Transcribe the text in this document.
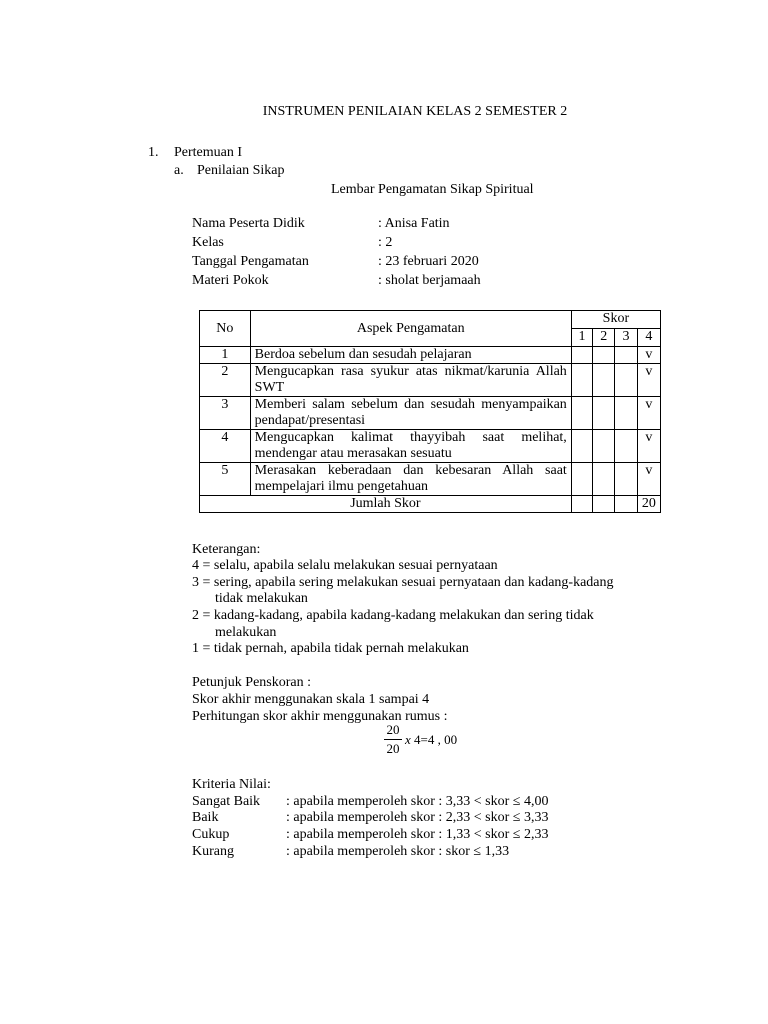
INSTRUMEN PENILAIAN KELAS 2 SEMESTER 2
1. Pertemuan I
a. Penilaian Sikap
Lembar Pengamatan Sikap Spiritual
Nama Peserta Didik	: Anisa Fatin
Kelas	: 2
Tanggal Pengamatan	: 23 februari 2020
Materi Pokok	: sholat berjamaah
No	Aspek Pengamatan	Skor			
		1	2	3	4
1	Berdoa sebelum dan sesudah pelajaran				v
2	Mengucapkan rasa syukur atas nikmat/karunia Allah SWT				v
3	Memberi salam sebelum dan sesudah menyampaikan pendapat/presentasi				v
4	Mengucapkan kalimat thayyibah saat melihat, mendengar atau merasakan sesuatu				v
5	Merasakan keberadaan dan kebesaran Allah saat mempelajari ilmu pengetahuan				v
Jumlah Skor					20
Keterangan:
4 = selalu, apabila selalu melakukan sesuai pernyataan
3 = sering, apabila sering melakukan sesuai pernyataan dan kadang-kadang
tidak melakukan
2 = kadang-kadang, apabila kadang-kadang melakukan dan sering tidak
melakukan
1 = tidak pernah, apabila tidak pernah melakukan
Petunjuk Penskoran :
Skor akhir menggunakan skala 1 sampai 4
Perhitungan skor akhir menggunakan rumus :
20
20
x 4=4 , 00
Kriteria Nilai:
Sangat Baik : apabila memperoleh skor : 3,33 < skor ≤ 4,00
Baik	: apabila memperoleh skor : 2,33 < skor ≤ 3,33
Cukup	: apabila memperoleh skor : 1,33 < skor ≤ 2,33
Kurang	: apabila memperoleh skor : skor ≤ 1,33
